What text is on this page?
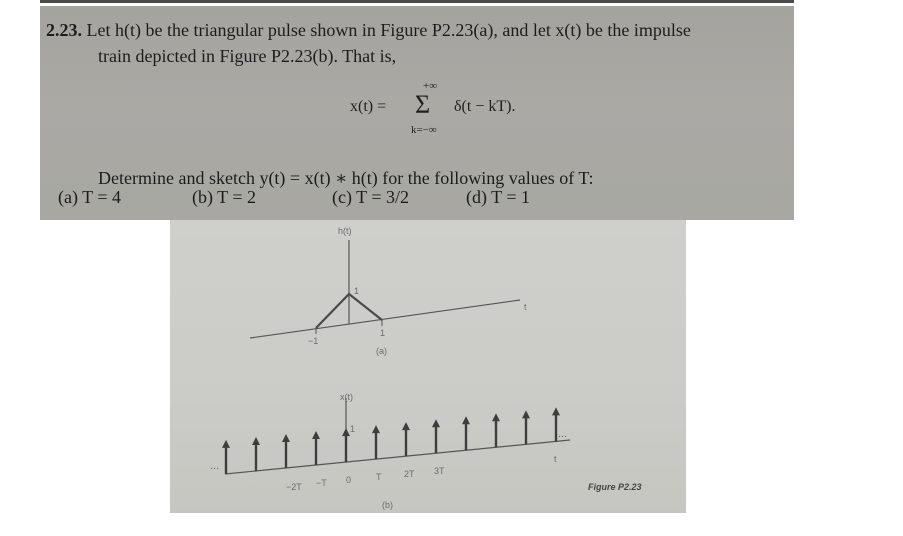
2.23. Let h(t) be the triangular pulse shown in Figure P2.23(a), and let x(t) be the impulse
train depicted in Figure P2.23(b). That is,
x(t) = Σ
+∞
k=−∞
δ(t − kT).
Determine and sketch y(t) = x(t) ∗ h(t) for the following values of T:
(a) T = 4	(b) T = 2	(c) T = 3/2	(d) T = 1
h(t)
1
−1
1
t
(a)
x(t)
1
...
...
−2T −T 0	T	2T 3T
t
(b)
Figure P2.23
